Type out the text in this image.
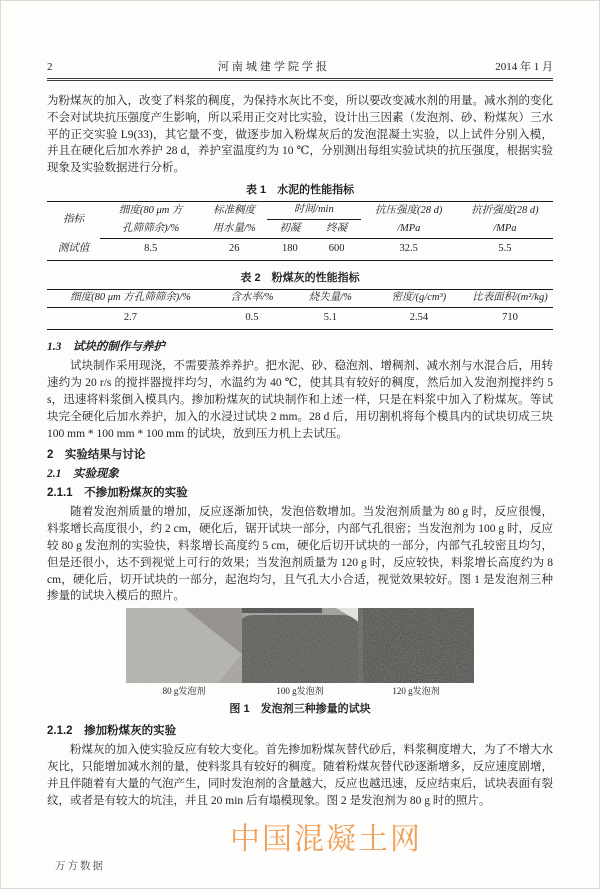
2	河南城建学院学报	2014 年 1 月

为粉煤灰的加入，改变了料浆的稠度，为保持水灰比不变，所以要改变减水剂的用量。减水剂的变化不会对试块抗压强度产生影响，所以采用正交对比实验，设计出三因素（发泡剂、砂、粉煤灰）三水平的正交实验 L9(33)，其它量不变，做逐步加入粉煤灰后的发泡混凝土实验，以上试件分别入模，并且在硬化后加水养护 28 d，养护室温度约为 10 ℃，分别测出每组实验试块的抗压强度，根据实验现象及实验数据进行分析。

表 1　水泥的性能指标
指标	细度(80 μm 方	标准稠度	时间/min		抗压强度(28 d)	抗折强度(28 d)
	孔筛筛余)/%	用水量/%	初凝	终凝	/MPa	/MPa
测试值	8.5	26	180	600	32.5	5.5
表 2　粉煤灰的性能指标
细度(80 μm 方孔筛筛余)/%	含水率/%	烧失量/%	密度/(g/cm³)	比表面积/(m²/kg)
2.7	0.5	5.1	2.54	710
1.3　试块的制作与养护

试块制作采用现浇，不需要蒸养养护。把水泥、砂、稳泡剂、增稠剂、减水剂与水混合后，用转速约为 20 r/s 的搅拌器搅拌均匀，水温约为 40 ℃，使其具有较好的稠度，然后加入发泡剂搅拌约 5 s，迅速将料浆倒入模具内。掺加粉煤灰的试块制作和上述一样，只是在料浆中加入了粉煤灰。等试块完全硬化后加水养护，加入的水浸过试块 2 mm。28 d 后，用切割机将每个模具内的试块切成三块 100 mm * 100 mm * 100 mm 的试块，放到压力机上去试压。

2　实验结果与讨论
2.1　实验现象
2.1.1　不掺加粉煤灰的实验

随着发泡剂质量的增加，反应逐渐加快，发泡倍数增加。当发泡剂质量为 80 g 时，反应很慢，料浆增长高度很小，约 2 cm，硬化后，锯开试块一部分，内部气孔很密；当发泡剂为 100 g 时，反应较 80 g 发泡剂的实验快，料浆增长高度约 5 cm，硬化后切开试块的一部分，内部气孔较密且均匀，但是还很小，达不到视觉上可行的效果；当发泡剂质量为 120 g 时，反应较快，料浆增长高度约为 8 cm，硬化后，切开试块的一部分，起泡均匀，且气孔大小合适，视觉效果较好。图 1 是发泡剂三种掺量的试块入模后的照片。

80 g发泡剂	100 g发泡剂	120 g发泡剂
图 1　发泡剂三种掺量的试块
2.1.2　掺加粉煤灰的实验

粉煤灰的加入使实验反应有较大变化。首先掺加粉煤灰替代砂后，料浆稠度增大，为了不增大水灰比，只能增加减水剂的量，使料浆具有较好的稠度。随着粉煤灰替代砂逐渐增多，反应速度剧增，并且伴随着有大量的气泡产生，同时发泡剂的含量越大，反应也越迅速，反应结束后，试块表面有裂纹，或者是有较大的坑洼，并且 20 min 后有塌模现象。图 2 是发泡剂为 80 g 时的照片。

中国混凝土网
万方数据
